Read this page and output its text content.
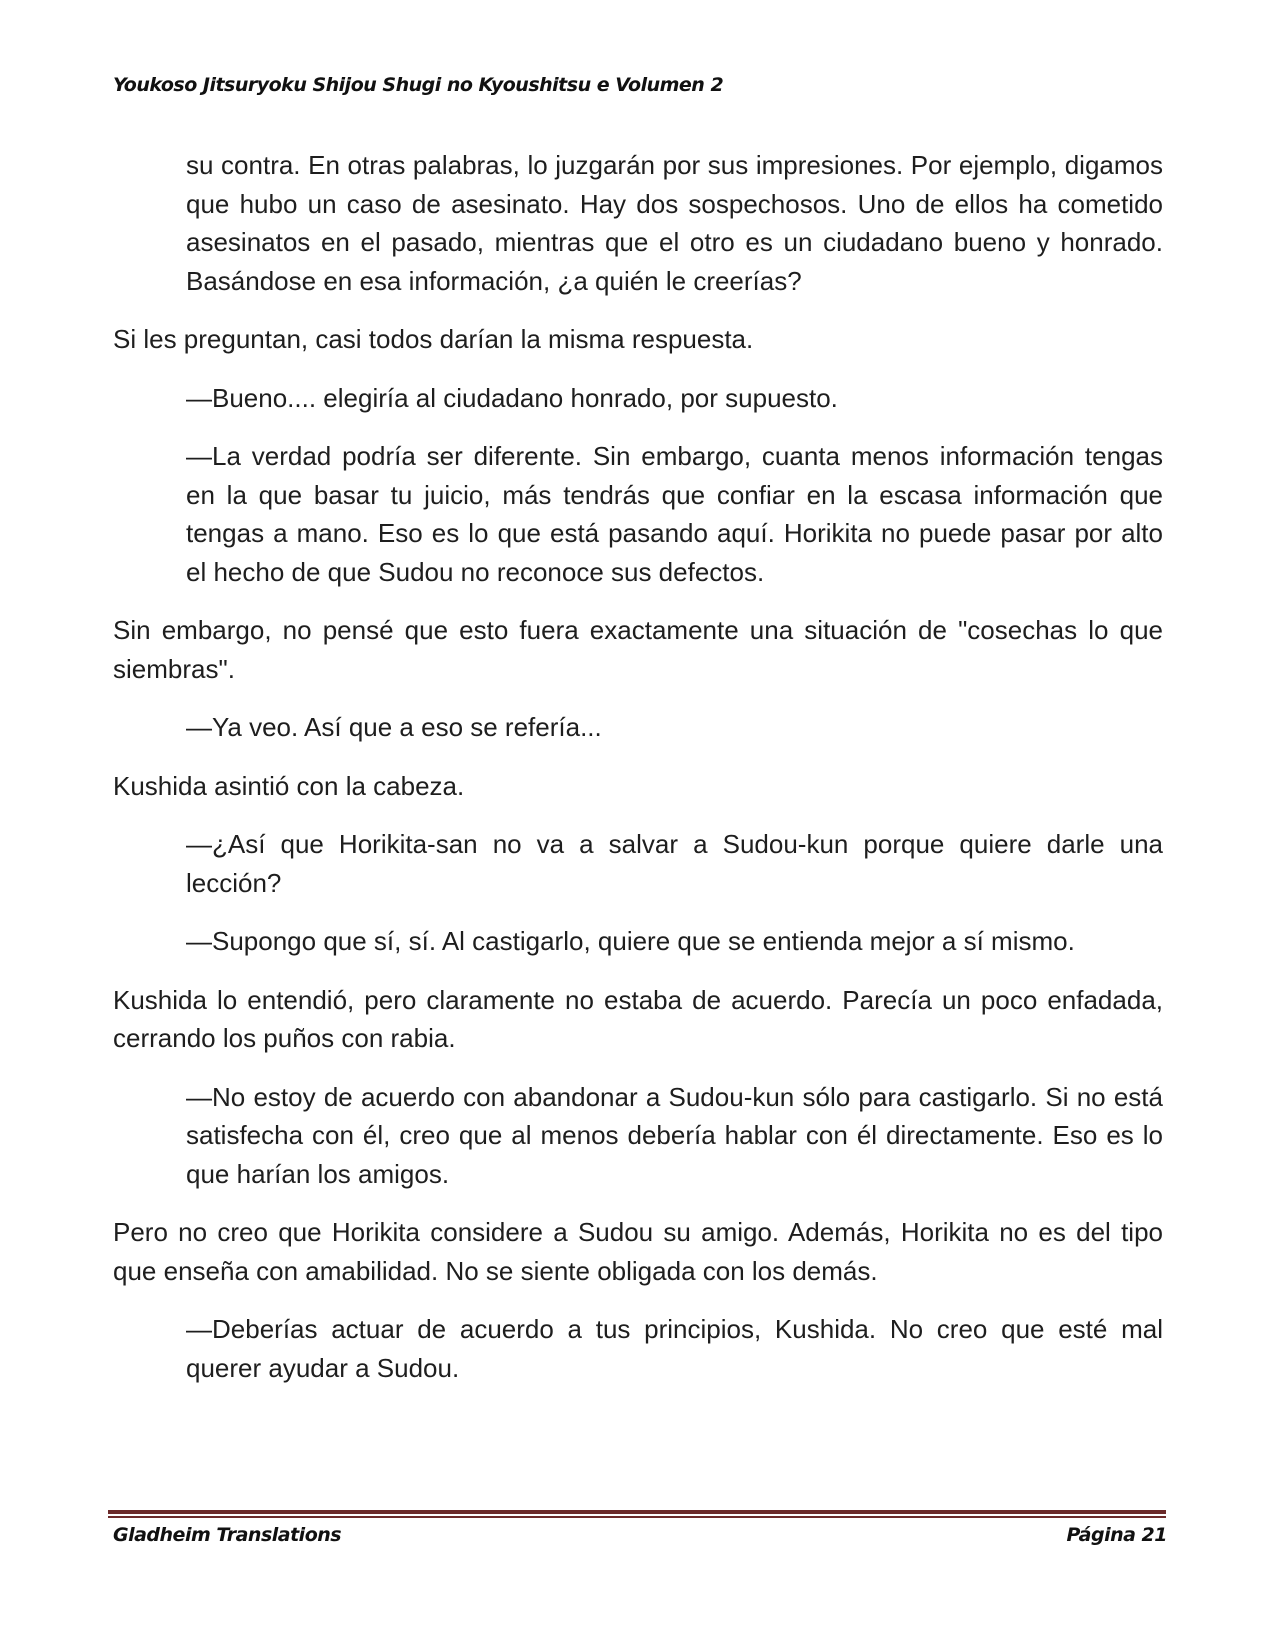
Youkoso Jitsuryoku Shijou Shugi no Kyoushitsu e Volumen 2

su contra. En otras palabras, lo juzgarán por sus impresiones. Por ejemplo, digamos que hubo un caso de asesinato. Hay dos sospechosos. Uno de ellos ha cometido asesinatos en el pasado, mientras que el otro es un ciudadano bueno y honrado. Basándose en esa información, ¿a quién le creerías?

Si les preguntan, casi todos darían la misma respuesta.

—Bueno.... elegiría al ciudadano honrado, por supuesto.

—La verdad podría ser diferente. Sin embargo, cuanta menos información tengas en la que basar tu juicio, más tendrás que confiar en la escasa información que tengas a mano. Eso es lo que está pasando aquí. Horikita no puede pasar por alto el hecho de que Sudou no reconoce sus defectos.

Sin embargo, no pensé que esto fuera exactamente una situación de "cosechas lo que siembras".

—Ya veo. Así que a eso se refería...

Kushida asintió con la cabeza.

—¿Así que Horikita-san no va a salvar a Sudou-kun porque quiere darle una lección?

—Supongo que sí, sí. Al castigarlo, quiere que se entienda mejor a sí mismo.

Kushida lo entendió, pero claramente no estaba de acuerdo. Parecía un poco enfadada, cerrando los puños con rabia.

—No estoy de acuerdo con abandonar a Sudou-kun sólo para castigarlo. Si no está satisfecha con él, creo que al menos debería hablar con él directamente. Eso es lo que harían los amigos.

Pero no creo que Horikita considere a Sudou su amigo. Además, Horikita no es del tipo que enseña con amabilidad. No se siente obligada con los demás.

—Deberías actuar de acuerdo a tus principios, Kushida. No creo que esté mal querer ayudar a Sudou.

Gladheim Translations	Página 21
